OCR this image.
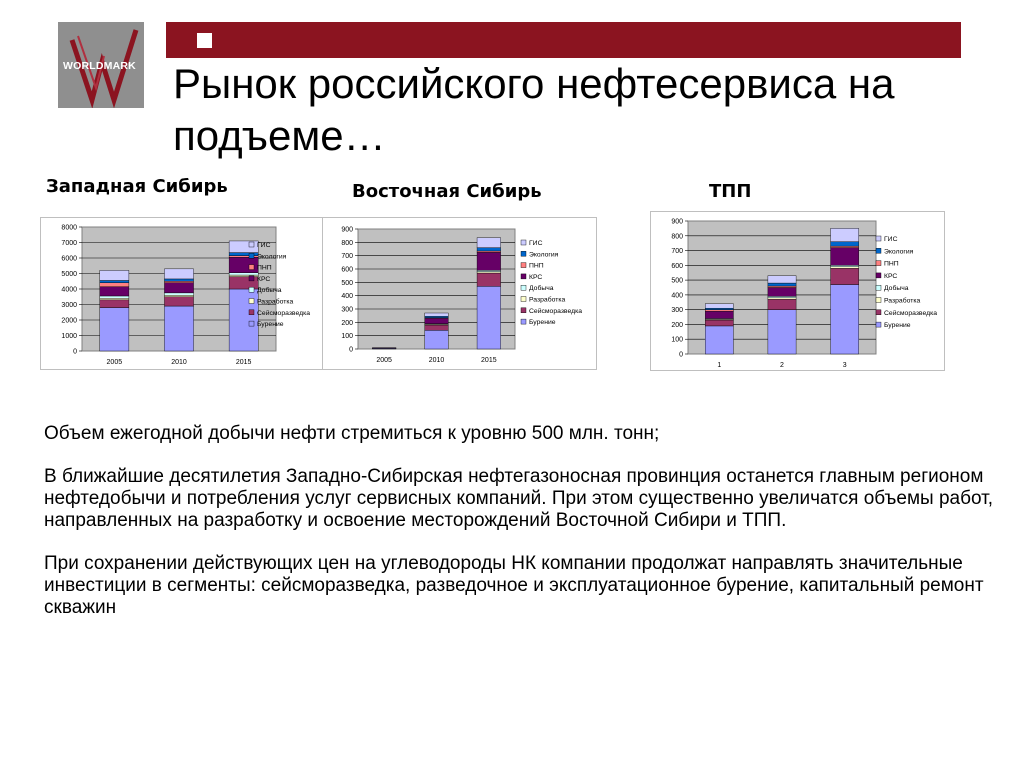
WORLDMARK Рынок российского нефтесервиса на подъеме…
Западная Сибирь	Восточная Сибирь	ТПП
0
1000
2000
3000
4000
5000
6000
7000
8000
2005	2010	2015
ГИС
Экология
ПНП
КРС
Добыча
Разработка
Сейсморазведка
Бурение
0
100
200
300
400
500
600
700
800
900
2005	2010	2015
ГИС
Экология
ПНП
КРС
Добыча
Разработка
Сейсморазведка
Бурение
0
100
200
300
400
500
600
700
800
900
1	2	3
ГИС
Экология
ПНП
КРС
Добыча
Разработка
Сейсморазведка
Бурение

Объем ежегодной добычи нефти стремиться к уровню 500 млн. тонн;

В ближайшие десятилетия Западно-Сибирская нефтегазоносная провинция останется главным регионом нефтедобычи и потребления услуг сервисных компаний. При этом существенно увеличатся объемы работ, направленных на разработку и освоение месторождений Восточной Сибири и ТПП.

При сохранении действующих цен на углеводороды НК компании продолжат направлять значительные инвестиции в сегменты: сейсморазведка, разведочное и эксплуатационное бурение, капитальный ремонт скважин
